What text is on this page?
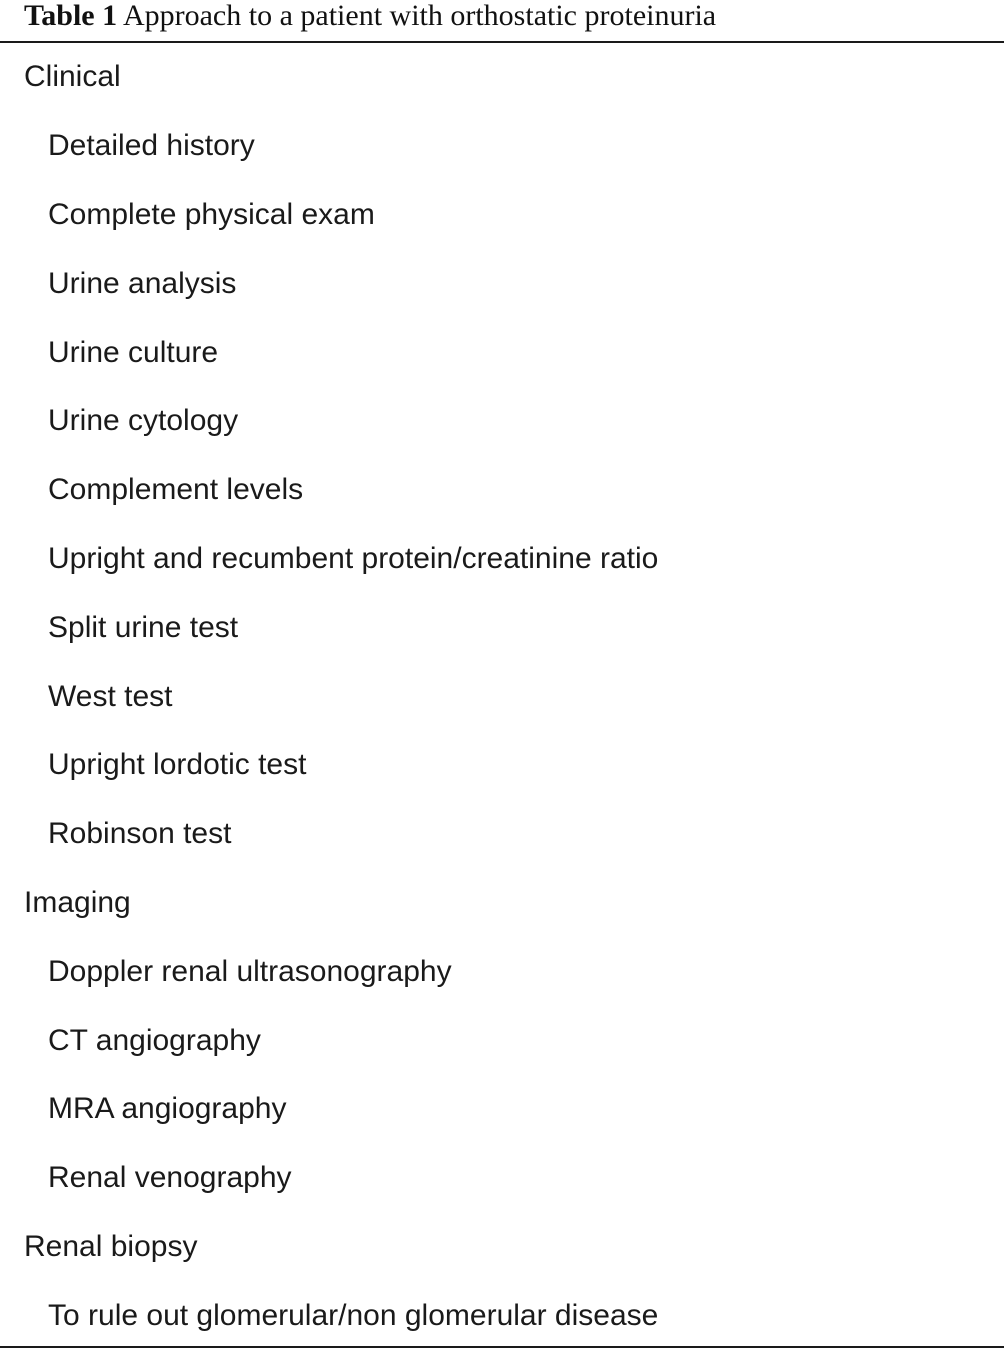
Table 1 Approach to a patient with orthostatic proteinuria
Clinical
Detailed history
Complete physical exam
Urine analysis
Urine culture
Urine cytology
Complement levels
Upright and recumbent protein/creatinine ratio
Split urine test
West test
Upright lordotic test
Robinson test
Imaging
Doppler renal ultrasonography
CT angiography
MRA angiography
Renal venography
Renal biopsy
To rule out glomerular/non glomerular disease
